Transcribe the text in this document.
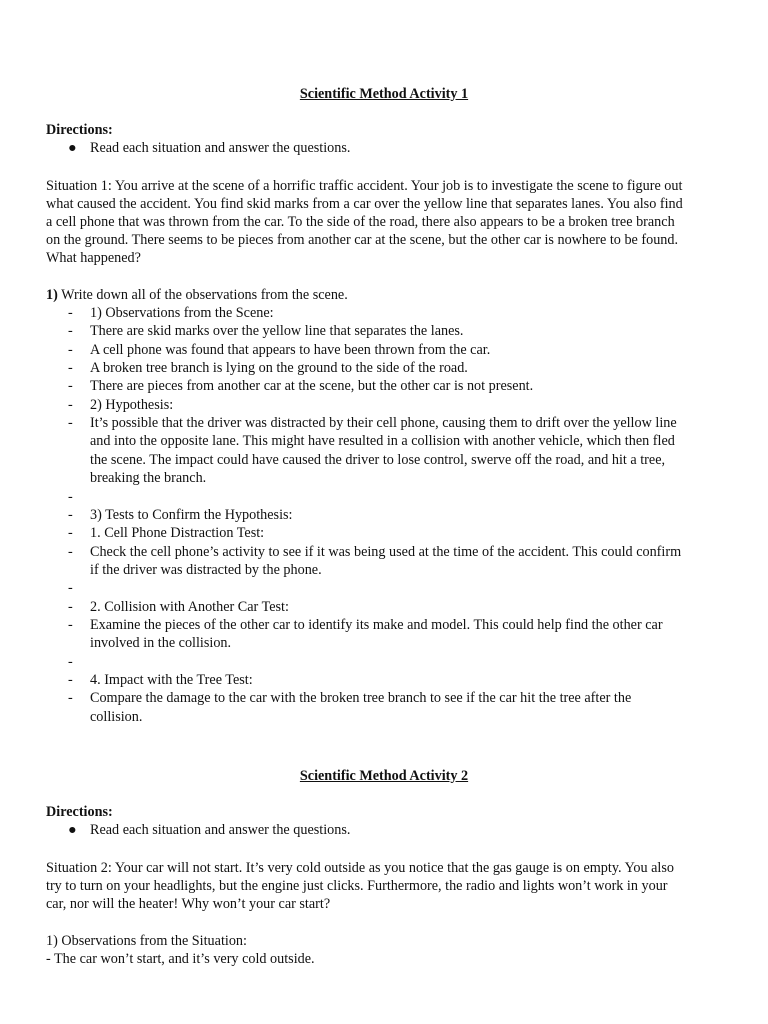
Scientific Method Activity 1
Directions:
● Read each situation and answer the questions.
Situation 1: You arrive at the scene of a horrific traffic accident. Your job is to investigate the scene to figure out
what caused the accident. You find skid marks from a car over the yellow line that separates lanes. You also find
a cell phone that was thrown from the car. To the side of the road, there also appears to be a broken tree branch
on the ground. There seems to be pieces from another car at the scene, but the other car is nowhere to be found.
What happened?
1) Write down all of the observations from the scene.
- 1) Observations from the Scene:
- There are skid marks over the yellow line that separates the lanes.
- A cell phone was found that appears to have been thrown from the car.
- A broken tree branch is lying on the ground to the side of the road.
- There are pieces from another car at the scene, but the other car is not present.
- 2) Hypothesis:
- It’s possible that the driver was distracted by their cell phone, causing them to drift over the yellow line
and into the opposite lane. This might have resulted in a collision with another vehicle, which then fled
the scene. The impact could have caused the driver to lose control, swerve off the road, and hit a tree,
breaking the branch.
-
- 3) Tests to Confirm the Hypothesis:
- 1. Cell Phone Distraction Test:
- Check the cell phone’s activity to see if it was being used at the time of the accident. This could confirm
if the driver was distracted by the phone.
-
- 2. Collision with Another Car Test:
- Examine the pieces of the other car to identify its make and model. This could help find the other car
involved in the collision.
-
- 4. Impact with the Tree Test:
- Compare the damage to the car with the broken tree branch to see if the car hit the tree after the
collision.
Scientific Method Activity 2
Directions:
● Read each situation and answer the questions.
Situation 2: Your car will not start. It’s very cold outside as you notice that the gas gauge is on empty. You also
try to turn on your headlights, but the engine just clicks. Furthermore, the radio and lights won’t work in your
car, nor will the heater! Why won’t your car start?
1) Observations from the Situation:
- The car won’t start, and it’s very cold outside.
